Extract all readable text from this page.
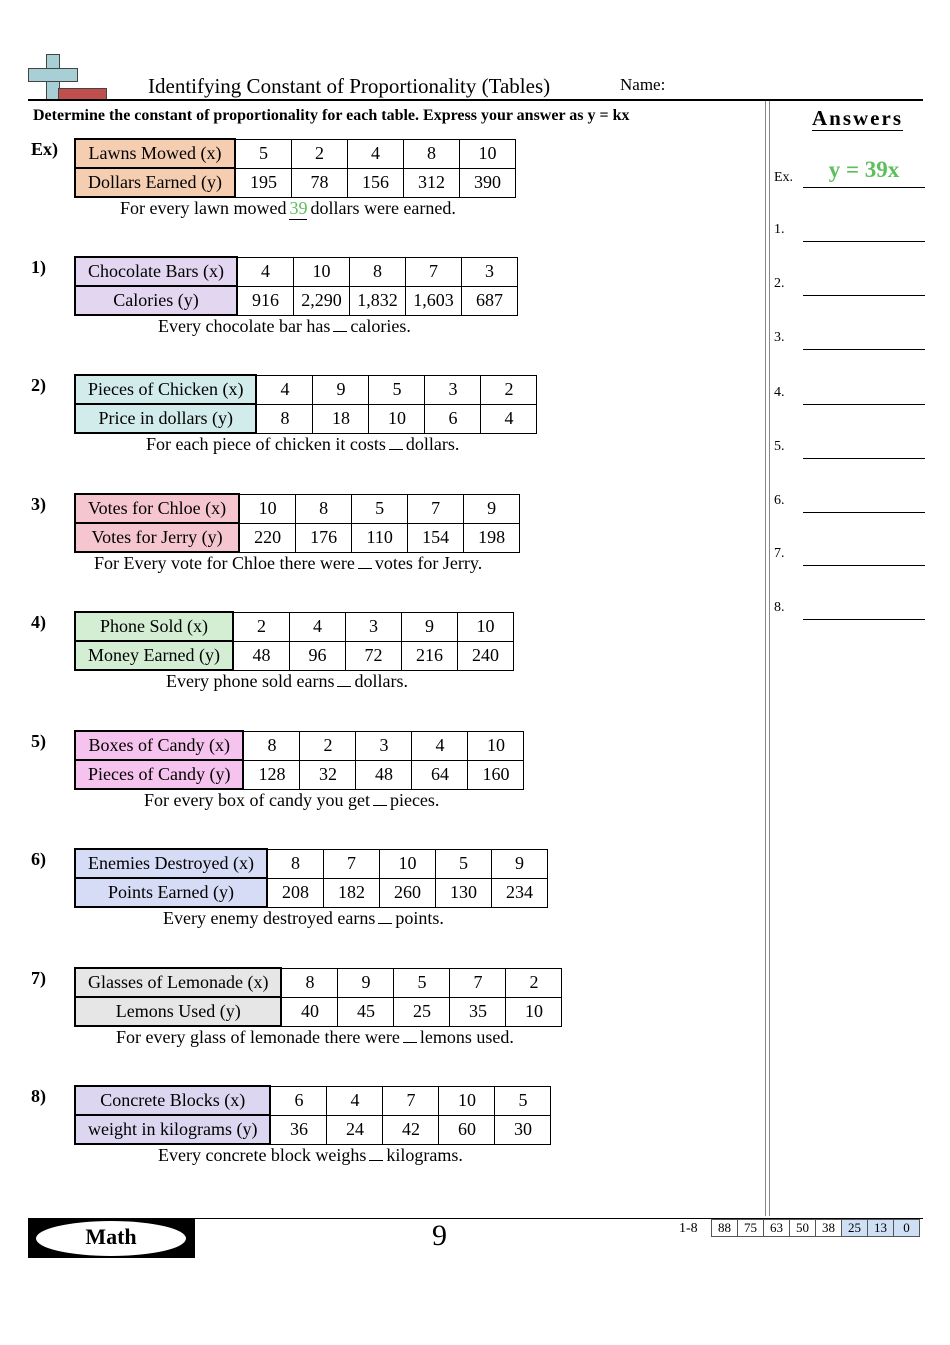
Identifying Constant of Proportionality (Tables)	Name:
Determine the constant of proportionality for each table. Express your answer as y = kx	Answers
Ex.	y = 39x
1.
2.
3.
4.
5.
6.
7.
8.
Ex) Lawns Mowed (x)	5	2	4	8	10
Dollars Earned (y)	195	78	156	312	390
For every lawn mowed 39 dollars were earned.
1) Chocolate Bars (x)	4	10	8	7	3
Calories (y)	916	2,290	1,832	1,603	687
Every chocolate bar has calories.
2) Pieces of Chicken (x)	4	9	5	3	2
Price in dollars (y)	8	18	10	6	4
For each piece of chicken it costs dollars.
3) Votes for Chloe (x)	10	8	5	7	9
Votes for Jerry (y)	220	176	110	154	198
For Every vote for Chloe there were votes for Jerry.
4)	Phone Sold (x)	2	4	3	9	10
Money Earned (y)	48	96	72	216	240
Every phone sold earns dollars.
5) Boxes of Candy (x)	8	2	3	4	10
Pieces of Candy (y)	128	32	48	64	160
For every box of candy you get pieces.
6) Enemies Destroyed (x)	8	7	10	5	9
Points Earned (y)	208	182	260	130	234
Every enemy destroyed earns points.
7) Glasses of Lemonade (x)	8	9	5	7	2
Lemons Used (y)	40	45	25	35	10
For every glass of lemonade there were lemons used.
8)	Concrete Blocks (x)	6	4	7	10	5
weight in kilograms (y)	36	24	42	60	30
Every concrete block weighs kilograms.
Math	9	1-8 88	75	63	50	38	25	13	0
